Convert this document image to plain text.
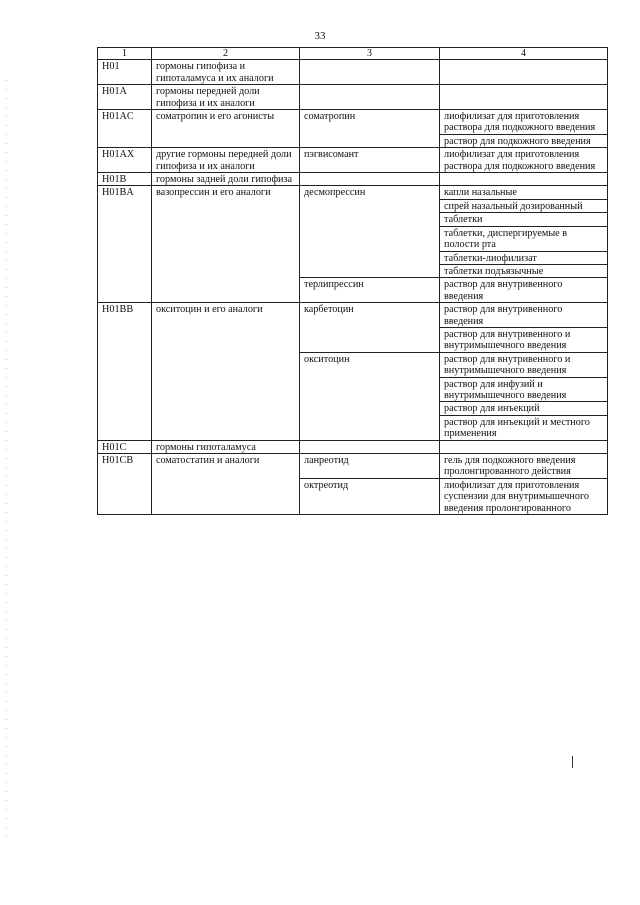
33
1	2	3	4
H01	гормоны гипофиза и гипоталамуса и их аналоги		
H01A	гормоны передней доли гипофиза и их аналоги		
H01AC	соматропин и его агонисты	соматропин	лиофилизат для приготовления раствора для подкожного введения
			раствор для подкожного введения
H01AX	другие гормоны передней доли гипофиза и их аналоги	пэгвисомант	лиофилизат для приготовления раствора для подкожного введения
H01B	гормоны задней доли гипофиза		
H01BA	вазопрессин и его аналоги	десмопрессин	капли назальные
			спрей назальный дозированный
			таблетки
			таблетки, диспергируемые в полости рта
			таблетки-лиофилизат
			таблетки подъязычные
		терлипрессин	раствор для внутривенного введения
H01BB	окситоцин и его аналоги	карбетоцин	раствор для внутривенного введения
			раствор для внутривенного и внутримышечного введения
		окситоцин	раствор для внутривенного и внутримышечного введения
			раствор для инфузий и внутримышечного введения
			раствор для инъекций
			раствор для инъекций и местного применения
H01C	гормоны гипоталамуса		
H01CB	соматостатин и аналоги	ланреотид	гель для подкожного введения пролонгированного действия
		октреотид	лиофилизат для приготовления суспензии для внутримышечного введения пролонгированного
